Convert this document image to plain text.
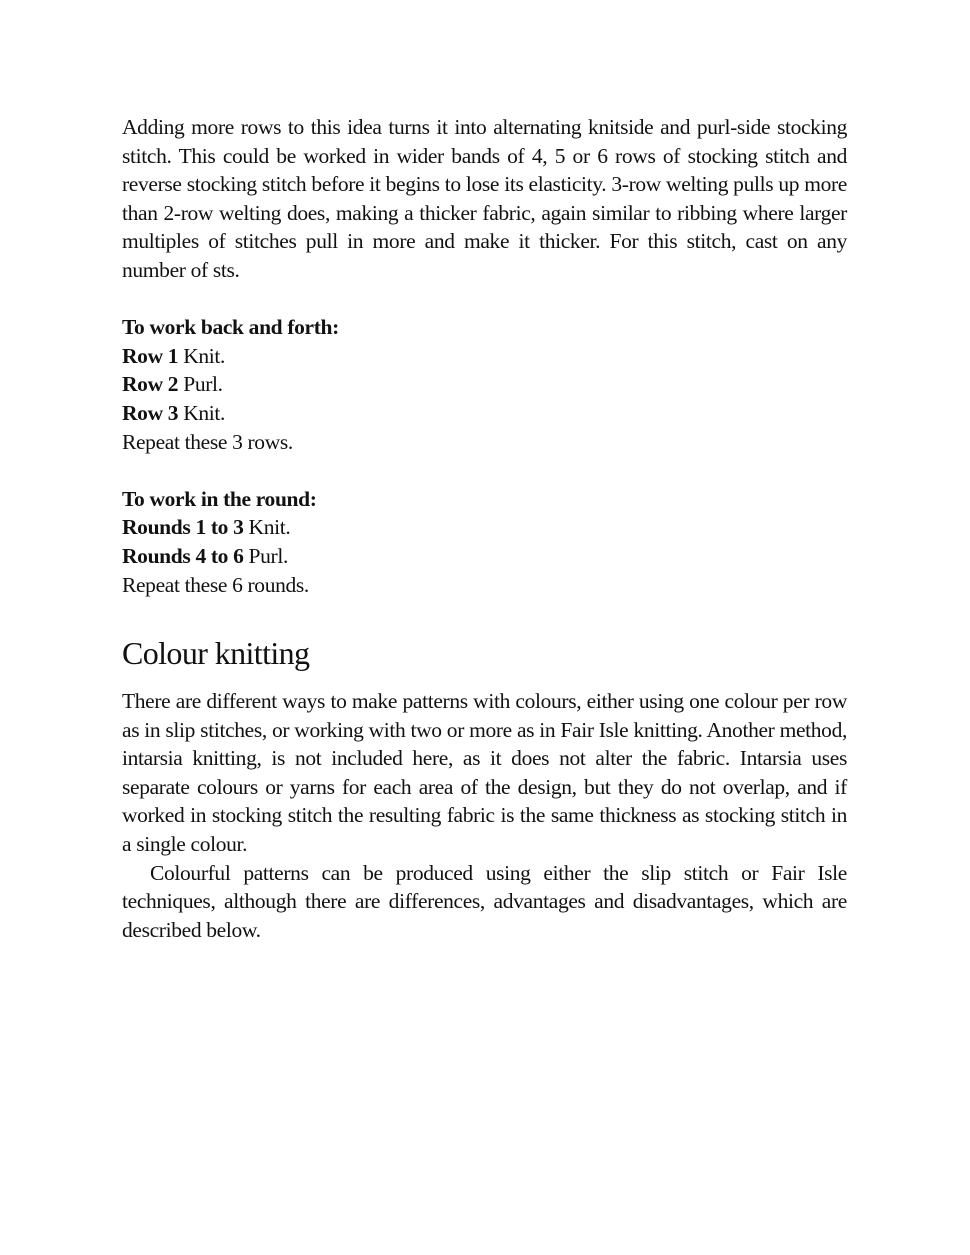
Adding more rows to this idea turns it into alternating knitside and purl-side stocking stitch. This could be worked in wider bands of 4, 5 or 6 rows of stocking stitch and reverse stocking stitch before it begins to lose its elasticity. 3-row welting pulls up more than 2-row welting does, making a thicker fabric, again similar to ribbing where larger multiples of stitches pull in more and make it thicker. For this stitch, cast on any number of sts.

To work back and forth:
Row 1 Knit.
Row 2 Purl.
Row 3 Knit.
Repeat these 3 rows.
To work in the round:
Rounds 1 to 3 Knit.
Rounds 4 to 6 Purl.
Repeat these 6 rounds.
Colour knitting

There are different ways to make patterns with colours, either using one colour per row as in slip stitches, or working with two or more as in Fair Isle knitting. Another method, intarsia knitting, is not included here, as it does not alter the fabric. Intarsia uses separate colours or yarns for each area of the design, but they do not overlap, and if worked in stocking stitch the resulting fabric is the same thickness as stocking stitch in a single colour.

Colourful patterns can be produced using either the slip stitch or Fair Isle techniques, although there are differences, advantages and disadvantages, which are described below.
